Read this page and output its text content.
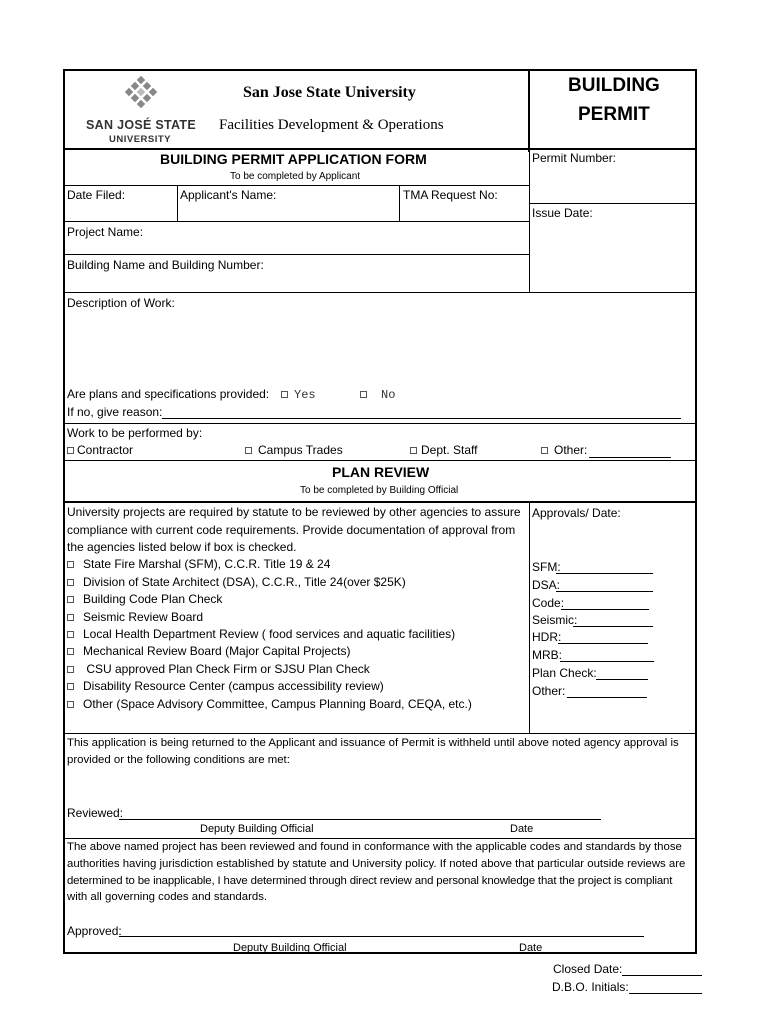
SAN JOSÉ STATE
UNIVERSITY
San Jose State University
Facilities Development & Operations
BUILDING
PERMIT
BUILDING PERMIT APPLICATION FORM
To be completed by Applicant
Permit Number:
Issue Date:
Date Filed:	Applicant's Name:	TMA Request No:
Project Name:
Building Name and Building Number:
Description of Work:
Are plans and specifications provided:	Yes	No
If no, give reason:
Work to be performed by:
Contractor	Campus Trades	Dept. Staff	Other:
PLAN REVIEW
To be completed by Building Official
Approvals/ Date:
University projects are required by statute to be reviewed by other agencies to assure
compliance with current code requirements. Provide documentation of approval from
the agencies listed below if box is checked.
State Fire Marshal (SFM), C.C.R. Title 19 & 24
Division of State Architect (DSA), C.C.R., Title 24(over $25K)
Building Code Plan Check
Seismic Review Board
Local Health Department Review ( food services and aquatic facilities)
Mechanical Review Board (Major Capital Projects)
CSU approved Plan Check Firm or SJSU Plan Check
Disability Resource Center (campus accessibility review)
Other (Space Advisory Committee, Campus Planning Board, CEQA, etc.)
SFM:
DSA:
Code:
Seismic:
HDR:
MRB:
Plan Check:
Other:
This application is being returned to the Applicant and issuance of Permit is withheld until above noted agency approval is
provided or the following conditions are met:
Reviewed:
Deputy Building Official	Date
The above named project has been reviewed and found in conformance with the applicable codes and standards by those
authorities having jurisdiction established by statute and University policy. If noted above that particular outside reviews are
determined to be inapplicable, I have determined through direct review and personal knowledge that the project is compliant
with all governing codes and standards.
Approved:
Deputy Building Official	Date
Closed Date:
D.B.O. Initials:
